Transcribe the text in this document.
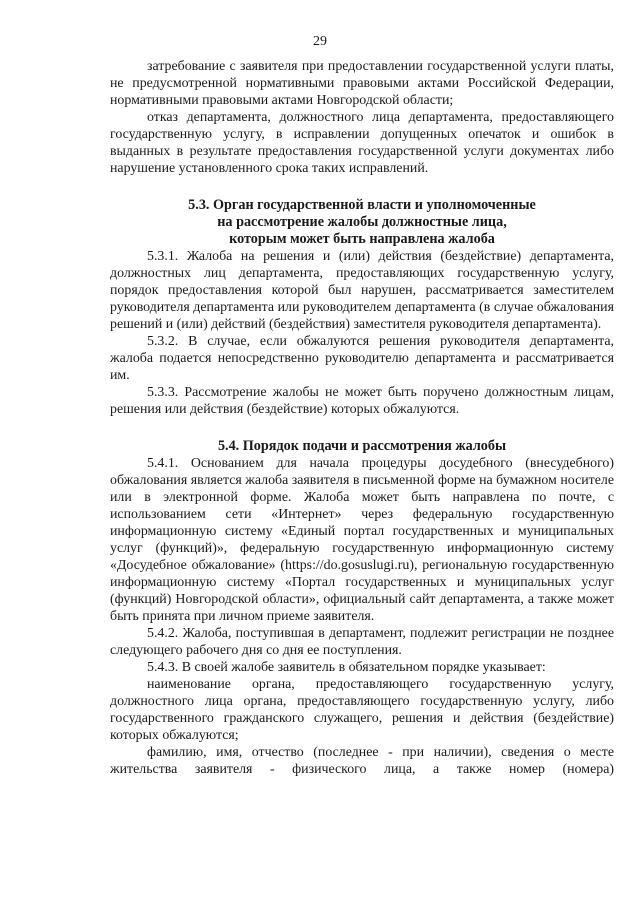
29

затребование с заявителя при предоставлении государственной услуги платы, не предусмотренной нормативными правовыми актами Российской Федерации, нормативными правовыми актами Новгородской области;

отказ департамента, должностного лица департамента, предоставляющего государственную услугу, в исправлении допущенных опечаток и ошибок в выданных в результате предоставления государственной услуги документах либо нарушение установленного срока таких исправлений.

5.3. Орган государственной власти и уполномоченные
на рассмотрение жалобы должностные лица,
которым может быть направлена жалоба

5.3.1. Жалоба на решения и (или) действия (бездействие) департамента, должностных лиц департамента, предоставляющих государственную услугу, порядок предоставления которой был нарушен, рассматривается заместителем руководителя департамента или руководителем департамента (в случае обжалования решений и (или) действий (бездействия) заместителя руководителя департамента).

5.3.2. В случае, если обжалуются решения руководителя департамента, жалоба подается непосредственно руководителю департамента и рассматривается им.

5.3.3. Рассмотрение жалобы не может быть поручено должностным лицам, решения или действия (бездействие) которых обжалуются.

5.4. Порядок подачи и рассмотрения жалобы

5.4.1. Основанием для начала процедуры досудебного (внесудебного) обжалования является жалоба заявителя в письменной форме на бумажном носителе или в электронной форме. Жалоба может быть направлена по почте, с использованием сети «Интернет» через федеральную государственную информационную систему «Единый портал государственных и муниципальных услуг (функций)», федеральную государственную информационную систему «Досудебное обжалование» (https://do.gosuslugi.ru), региональную государственную информационную систему «Портал государственных и муниципальных услуг (функций) Новгородской области», официальный сайт департамента, а также может быть принята при личном приеме заявителя.

5.4.2. Жалоба, поступившая в департамент, подлежит регистрации не позднее следующего рабочего дня со дня ее поступления.

5.4.3. В своей жалобе заявитель в обязательном порядке указывает:

наименование органа, предоставляющего государственную услугу, должностного лица органа, предоставляющего государственную услугу, либо государственного гражданского служащего, решения и действия (бездействие) которых обжалуются;

фамилию, имя, отчество (последнее - при наличии), сведения о месте жительства заявителя - физического лица, а также номер (номера)
